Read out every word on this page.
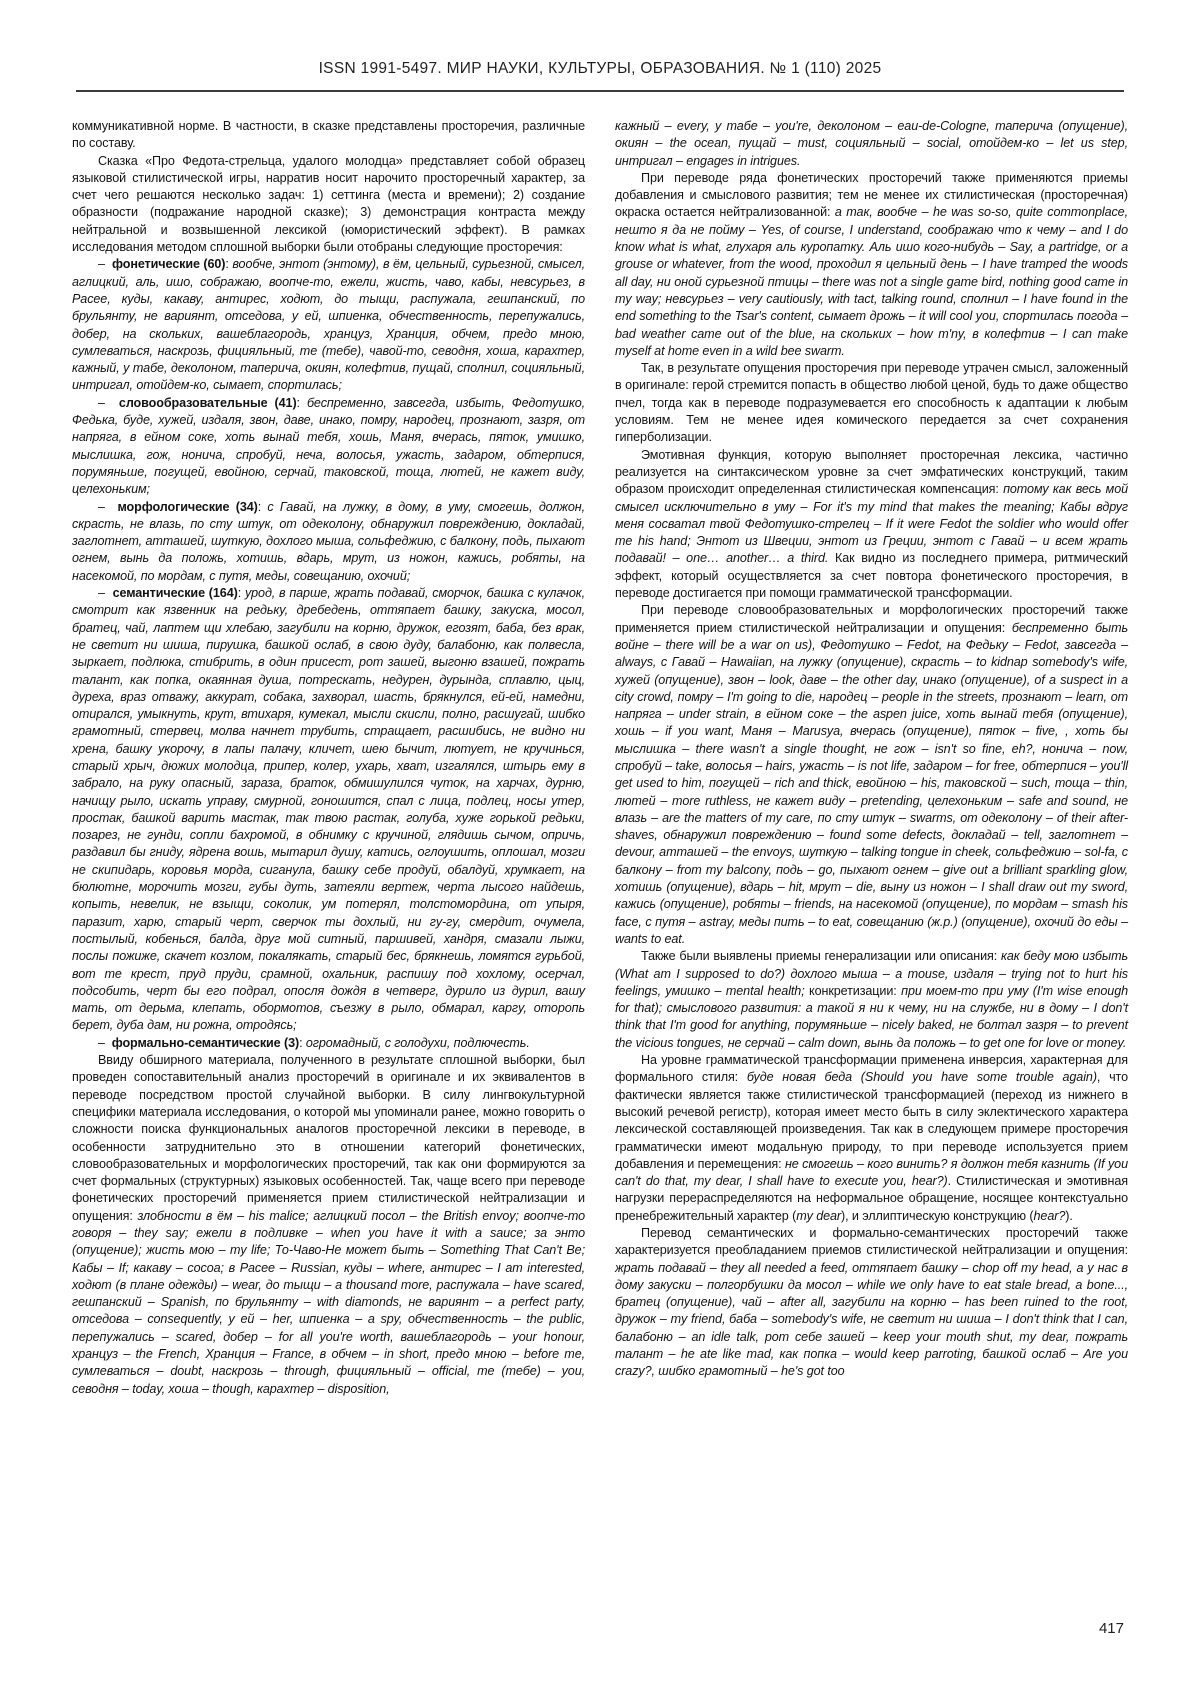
ISSN 1991-5497. МИР НАУКИ, КУЛЬТУРЫ, ОБРАЗОВАНИЯ. № 1 (110) 2025

коммуникативной норме. В частности, в сказке представлены просторечия, различные по составу.

Сказка «Про Федота-стрельца, удалого молодца» представляет собой образец языковой стилистической игры, нарратив носит нарочито просторечный характер, за счет чего решаются несколько задач: 1) сеттинга (места и времени); 2) создание образности (подражание народной сказке); 3) демонстрация контраста между нейтральной и возвышенной лексикой (юмористический эффект). В рамках исследования методом сплошной выборки были отобраны следующие просторечия:

–  фонетические (60): вообче, энтот (энтому), в ём, цельный, сурьезной, смысел, аглицкий, аль, ишо, сображаю, воопче-то, ежели, жисть, чаво, кабы, невсурьез, в Расее, куды, какаву, антирес, ходют, до тыщи, распужала, гешпанский, по брульянту, не вариянт, отседова, у ей, шпиенка, обчественность, перепужались, добер, на скольких, вашеблагородь, хранцуз, Хранция, обчем, предо мною, сумлеваться, наскрозь, фицияльный, те (тебе), чавой-то, севодня, хоша, карахтер, кажный, у табе, деколоном, таперича, окиян, колефтив, пущай, сполнил, социяльный, интригал, отойдем-ко, сымает, спортилась;

–  словообразовательные (41): беспременно, завсегда, избыть, Федотушко, Федька, буде, хужей, издаля, звон, даве, инако, помру, народец, прознают, зазря, от напряга, в ейном соке, хоть вынай тебя, хошь, Маня, вчерась, пяток, умишко, мыслишка, гож, нонича, спробуй, неча, волосья, ужасть, задаром, обтерпися, порумяньше, погущей, евойною, серчай, таковской, тоща, лютей, не кажет виду, целехоньким;

–  морфологические (34): с Гавай, на лужку, в дому, в уму, смогешь, должон, скрасть, не влазь, по сту штук, от одеколону, обнаружил повреждению, докладай, заглотнет, атташей, шуткую, дохлого мыша, сольфеджию, с балкону, подь, пыхают огнем, вынь да положь, хотишь, вдарь, мрут, из ножон, кажись, робяты, на насекомой, по мордам, с путя, меды, совещанию, охочий;

–  семантические (164): урод, в парше, жрать подавай, сморчок, башка с кулачок, смотрит как язвенник на редьку, дребедень, оттяпает башку, закуска, мосол, братец, чай, лаптем щи хлебаю, загубили на корню, дружок, егозят, баба, без врак, не светит ни шиша, пирушка, башкой ослаб, в свою дуду, балабоню, как полвесла, зыркает, подлюка, стибрить, в один присест, рот зашей, выгоню взашей, пожрать талант, как попка, окаянная душа, потрескать, недурен, дурында, сплавлю, цыц, дуреха, враз отважу, аккурат, собака, захворал, шасть, брякнулся, ей-ей, намедни, отирался, умыкнуть, крут, втихаря, кумекал, мысли скисли, полно, расшугай, шибко грамотный, стервец, молва начнет трубить, стращает, расшибись, не видно ни хрена, башку укорочу, в лапы палачу, кличет, шею бычит, лютует, не кручинься, старый хрыч, дюжих молодца, припер, колер, ухарь, хват, изгалялся, штырь ему в забрало, на руку опасный, зараза, браток, обмишулился чуток, на харчах, дурню, начищу рыло, искать управу, смурной, гоношится, спал с лица, подлец, носы утер, простак, башкой варить мастак, так твою растак, голуба, хуже горькой редьки, позарез, не гунди, сопли бахромой, в обнимку с кручиной, глядишь сычом, опричь, раздавил бы гниду, ядрена вошь, мытарил душу, катись, оглоушить, оплошал, мозги не скипидарь, коровья морда, сиганула, башку себе продуй, обалдуй, хрумкает, на бюлютне, морочить мозги, губы дуть, затеяли вертеж, черта лысого найдешь, копыть, невелик, не взыщи, соколик, ум потерял, толстомордина, от упыря, паразит, харю, старый черт, сверчок ты дохлый, ни гу-гу, смердит, очумела, постылый, кобенься, балда, друг мой ситный, паршивей, хандря, смазали лыжи, послы пожиже, скачет козлом, покалякать, старый бес, брякнешь, ломятся гурьбой, вот те крест, пруд пруди, срамной, охальник, распишу под хохлому, осерчал, подсобить, черт бы его подрал, опосля дождя в четверг, дурило из дурил, вашу мать, от дерьма, клепать, обормотов, съезжу в рыло, обмарал, каргу, оторопь берет, дуба дам, ни рожна, отродясь;

–  формально-семантические (3): огромадный, с голодухи, подлючесть.

Ввиду обширного материала, полученного в результате сплошной выборки, был проведен сопоставительный анализ просторечий в оригинале и их эквивалентов в переводе посредством простой случайной выборки. В силу лингвокультурной специфики материала исследования, о которой мы упоминали ранее, можно говорить о сложности поиска функциональных аналогов просторечной лексики в переводе, в особенности затруднительно это в отношении категорий фонетических, словообразовательных и морфологических просторечий, так как они формируются за счет формальных (структурных) языковых особенностей. Так, чаще всего при переводе фонетических просторечий применяется прием стилистической нейтрализации и опущения: злобности в ём – his malice; аглицкий посол – the British envoy; воопче-то говоря – they say; ежели в подливке – when you have it with a sauce; за энто (опущение); жисть мою – my life; То-Чаво-Не может быть – Something That Can't Be; Кабы – If; какаву – cocoa; в Расее – Russian, куды – where, антирес – I am interested, ходют (в плане одежды) – wear, до тыщи – a thousand more, распужала – have scared, гешпанский – Spanish, по брульянту – with diamonds, не вариянт – a perfect party, отседова – consequently, у ей – her, шпиенка – a spy, обчественность – the public, перепужались – scared, добер – for all you're worth, вашеблагородь – your honour, хранцуз – the French, Хранция – France, в обчем – in short, предо мною – before me, сумлеваться – doubt, наскрозь – through, фицияльный – official, те (тебе) – you, севодня – today, хоша – though, карахтер – disposition,

кажный – every, у табе – you're, деколоном – eau-de-Cologne, таперича (опущение), окиян – the ocean, пущай – must, социяльный – social, отойдем-ко – let us step, интригал – engages in intrigues.

При переводе ряда фонетических просторечий также применяются приемы добавления и смыслового развития; тем не менее их стилистическая (просторечная) окраска остается нейтрализованной: а так, вообче – he was so-so, quite commonplace, нешто я да не пойму – Yes, of course, I understand, соображаю что к чему – and I do know what is what, глухаря аль куропатку. Аль ишо кого-нибудь – Say, a partridge, or a grouse or whatever, from the wood, проходил я цельный день – I have tramped the woods all day, ни оной сурьезной птицы – there was not a single game bird, nothing good came in my way; невсурьез – very cautiously, with tact, talking round, сполнил – I have found in the end something to the Tsar's content, сымает дрожь – it will cool you, спортилась погода – bad weather came out of the blue, на скольких – how m'ny, в колефтив – I can make myself at home even in a wild bee swarm.

Так, в результате опущения просторечия при переводе утрачен смысл, заложенный в оригинале: герой стремится попасть в общество любой ценой, будь то даже общество пчел, тогда как в переводе подразумевается его способность к адаптации к любым условиям. Тем не менее идея комического передается за счет сохранения гиперболизации.

Эмотивная функция, которую выполняет просторечная лексика, частично реализуется на синтаксическом уровне за счет эмфатических конструкций, таким образом происходит определенная стилистическая компенсация: потому как весь мой смысел исключительно в уму – For it's my mind that makes the meaning; Кабы вдруг меня сосватал твой Федотушко-стрелец – If it were Fedot the soldier who would offer me his hand; Энтот из Швеции, энтот из Греции, энтот с Гавай – и всем жрать подавай! – one… another… a third. Как видно из последнего примера, ритмический эффект, который осуществляется за счет повтора фонетического просторечия, в переводе достигается при помощи грамматической трансформации.

При переводе словообразовательных и морфологических просторечий также применяется прием стилистической нейтрализации и опущения: беспременно быть войне – there will be a war on us), Федотушко – Fedot, на Федьку – Fedot, завсегда – always, с Гавай – Hawaiian, на лужку (опущение), скрасть – to kidnap somebody's wife, хужей (опущение), звон – look, даве – the other day, инако (опущение), of a suspect in a city crowd, помру – I'm going to die, народец – people in the streets, прознают – learn, от напряга – under strain, в ейном соке – the aspen juice, хоть вынай тебя (опущение), хошь – if you want, Маня – Marusya, вчерась (опущение), пяток – five, , хоть бы мыслишка – there wasn't a single thought, не гож – isn't so fine, eh?, нонича – now, спробуй – take, волосья – hairs, ужасть – is not life, задаром – for free, обтерпися – you'll get used to him, погущей – rich and thick, евойною – his, таковской – such, тоща – thin, лютей – more ruthless, не кажет виду – pretending, целехоньким – safe and sound, не влазь – are the matters of my care, по сту штук – swarms, от одеколону – of their after-shaves, обнаружил повреждению – found some defects, докладай – tell, заглотнет – devour, атташей – the envoys, шуткую – talking tongue in cheek, сольфеджию – sol-fa, с балкону – from my balcony, подь – go, пыхают огнем – give out a brilliant sparkling glow, хотишь (опущение), вдарь – hit, мрут – die, выну из ножон – I shall draw out my sword, кажись (опущение), робяты – friends, на насекомой (опущение), по мордам – smash his face, с путя – astray, меды пить – to eat, совещанию (ж.р.) (опущение), охочий до еды – wants to eat.

Также были выявлены приемы генерализации или описания: как беду мою избыть (What am I supposed to do?) дохлого мыша – a mouse, издаля – trying not to hurt his feelings, умишко – mental health; конкретизации: при моем-то при уму (I'm wise enough for that); смыслового развития: а такой я ни к чему, ни на службе, ни в дому – I don't think that I'm good for anything, порумяньше – nicely baked, не болтал зазря – to prevent the vicious tongues, не серчай – calm down, вынь да положь – to get one for love or money.

На уровне грамматической трансформации применена инверсия, характерная для формального стиля: буде новая беда (Should you have some trouble again), что фактически является также стилистической трансформацией (переход из нижнего в высокий речевой регистр), которая имеет место быть в силу эклектического характера лексической составляющей произведения. Так как в следующем примере просторечия грамматически имеют модальную природу, то при переводе используется прием добавления и перемещения: не смогешь – кого винить? я должон тебя казнить (If you can't do that, my dear, I shall have to execute you, hear?). Стилистическая и эмотивная нагрузки перераспределяются на неформальное обращение, носящее контекстуально пренебрежительный характер (my dear), и эллиптическую конструкцию (hear?).

Перевод семантических и формально-семантических просторечий также характеризуется преобладанием приемов стилистической нейтрализации и опущения: жрать подавай – they all needed a feed, оттяпает башку – chop off my head, а у нас в дому закуски – полгорбушки да мосол – while we only have to eat stale bread, a bone..., братец (опущение), чай – after all, загубили на корню – has been ruined to the root, дружок – my friend, баба – somebody's wife, не светит ни шиша – I don't think that I can, балабоню – an idle talk, рот себе зашей – keep your mouth shut, my dear, пожрать талант – he ate like mad, как попка – would keep parroting, башкой ослаб – Are you crazy?, шибко грамотный – he's got too

417
